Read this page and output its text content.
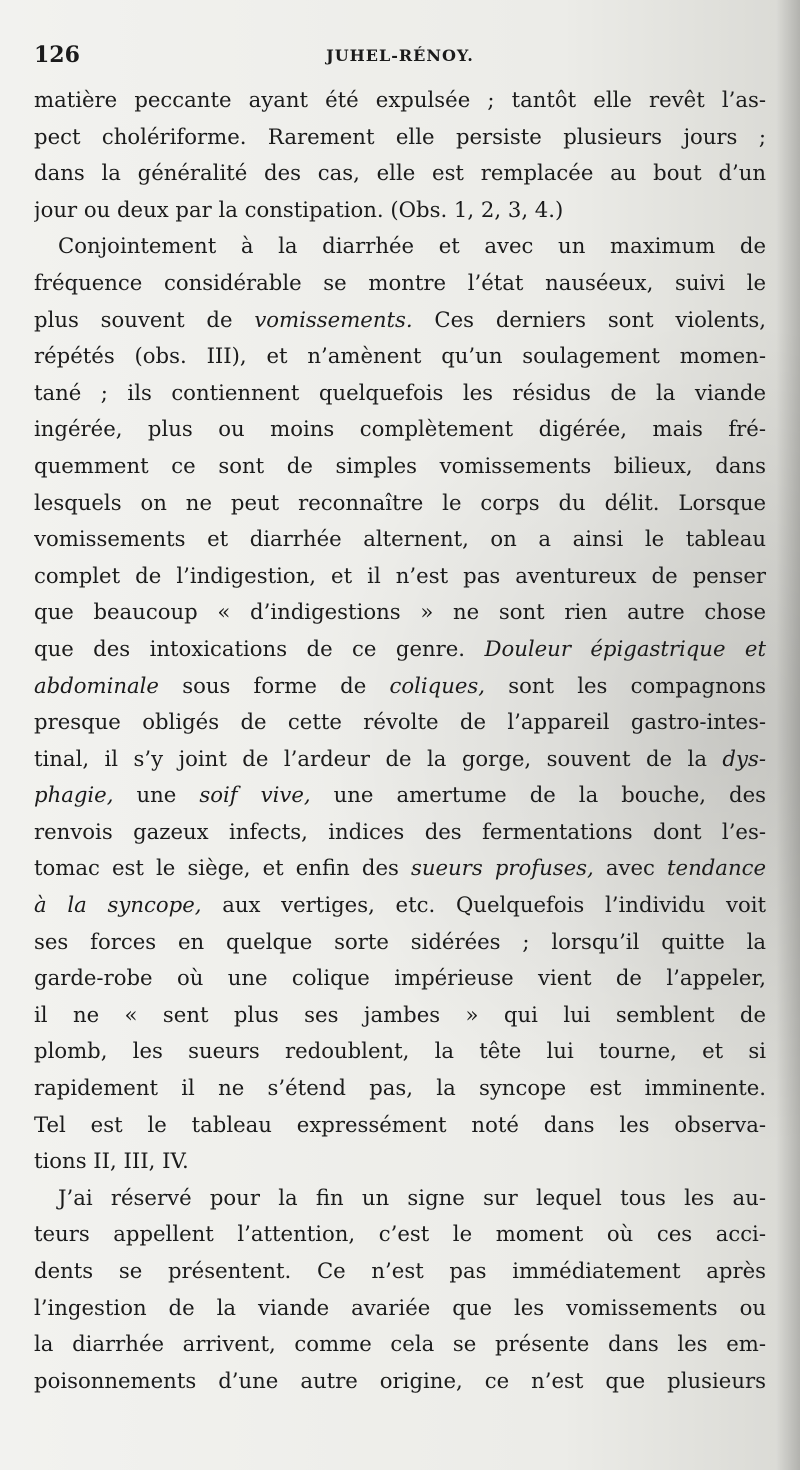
126	JUHEL-RÉNOY.
matière peccante ayant été expulsée ; tantôt elle revêt l’as-
pect cholériforme. Rarement elle persiste plusieurs jours ;
dans la généralité des cas, elle est remplacée au bout d’un
jour ou deux par la constipation. (Obs. 1, 2, 3, 4.)
Conjointement à la diarrhée et avec un maximum de
fréquence considérable se montre l’état nauséeux, suivi le
plus souvent de vomissements. Ces derniers sont violents,
répétés (obs. III), et n’amènent qu’un soulagement momen-
tané ; ils contiennent quelquefois les résidus de la viande
ingérée, plus ou moins complètement digérée, mais fré-
quemment ce sont de simples vomissements bilieux, dans
lesquels on ne peut reconnaître le corps du délit. Lorsque
vomissements et diarrhée alternent, on a ainsi le tableau
complet de l’indigestion, et il n’est pas aventureux de penser
que beaucoup « d’indigestions » ne sont rien autre chose
que des intoxications de ce genre. Douleur épigastrique et
abdominale sous forme de coliques, sont les compagnons
presque obligés de cette révolte de l’appareil gastro-intes-
tinal, il s’y joint de l’ardeur de la gorge, souvent de la dys-
phagie, une soif vive, une amertume de la bouche, des
renvois gazeux infects, indices des fermentations dont l’es-
tomac est le siège, et enfin des sueurs profuses, avec tendance
à la syncope, aux vertiges, etc. Quelquefois l’individu voit
ses forces en quelque sorte sidérées ; lorsqu’il quitte la
garde-robe où une colique impérieuse vient de l’appeler,
il ne « sent plus ses jambes » qui lui semblent de
plomb, les sueurs redoublent, la tête lui tourne, et si
rapidement il ne s’étend pas, la syncope est imminente.
Tel est le tableau expressément noté dans les observa-
tions II, III, IV.
J’ai réservé pour la fin un signe sur lequel tous les au-
teurs appellent l’attention, c’est le moment où ces acci-
dents se présentent. Ce n’est pas immédiatement après
l’ingestion de la viande avariée que les vomissements ou
la diarrhée arrivent, comme cela se présente dans les em-
poisonnements d’une autre origine, ce n’est que plusieurs
